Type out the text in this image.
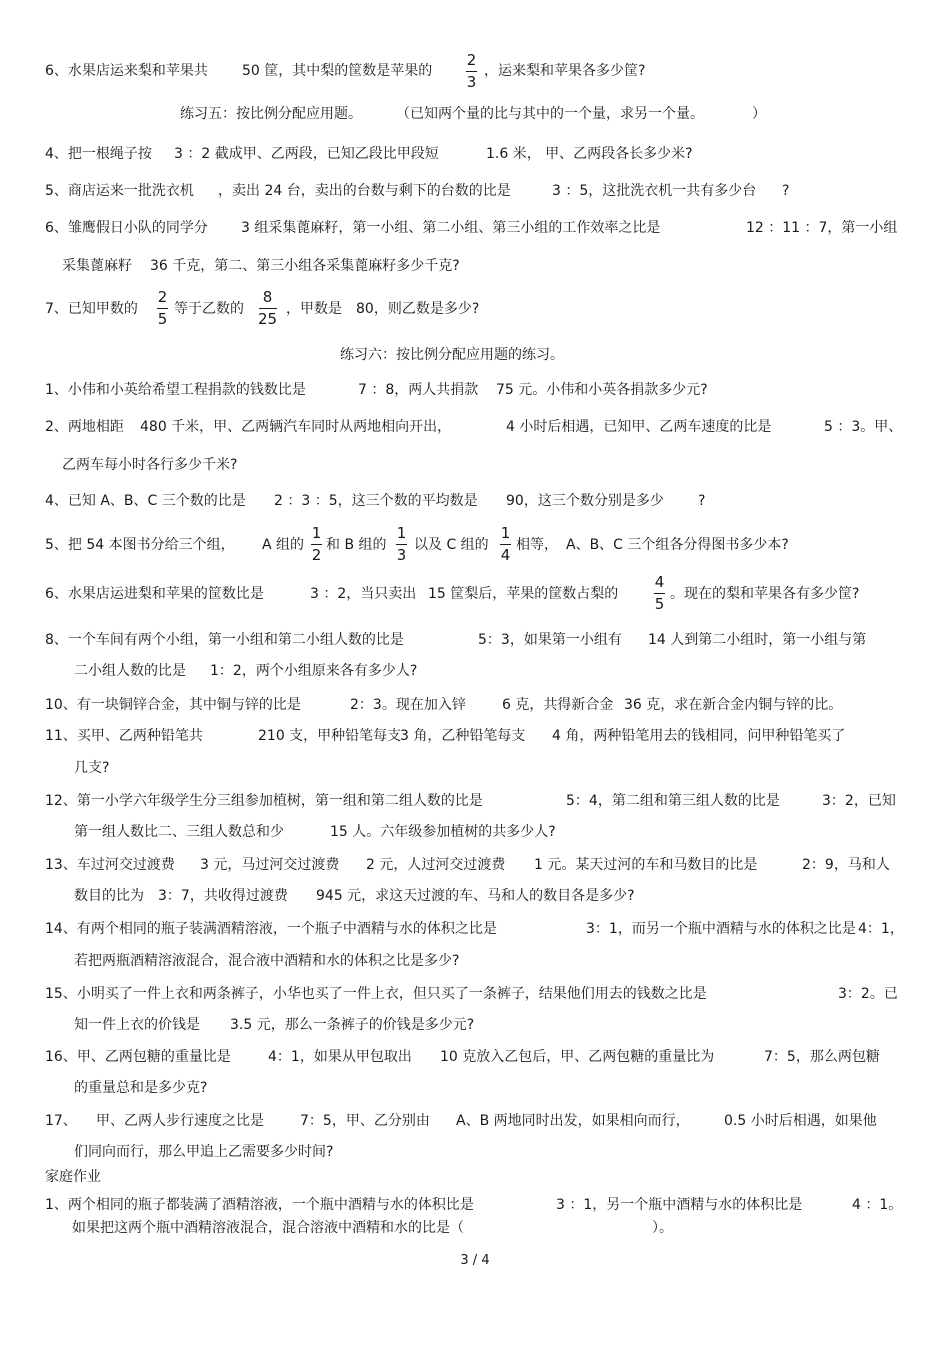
6、水果店运来梨和苹果共 50 筐，其中梨的筐数是苹果的	，运来梨和苹果各多少筐?
2
3
练习五：按比例分配应用题。 （已知两个量的比与其中的一个量，求另一个量。	）
4、把一根绳子按 3 ：2 截成甲、乙两段，已知乙段比甲段短	1.6 米， 甲、乙两段各长多少米?
5、商店运来一批洗衣机 ，卖出 24 台，卖出的台数与剩下的台数的比是	3 ：5，这批洗衣机一共有多少台 ?
6、雏鹰假日小队的同学分 3 组采集蓖麻籽，第一小组、第二小组、第三小组的工作效率之比是	12 ：11 ：7，第一小组
采集蓖麻籽 36 千克，第二、第三小组各采集蓖麻籽多少千克?
7、已知甲数的	等于乙数的	，甲数是 80，则乙数是多少?
2
5
8
25
练习六：按比例分配应用题的练习。
1、小伟和小英给希望工程捐款的钱数比是	7 ：8，两人共捐款 75 元。小伟和小英各捐款多少元?
2、两地相距 480 千米，甲、乙两辆汽车同时从两地相向开出，	4 小时后相遇，已知甲、乙两车速度的比是	5 ：3。甲、
乙两车每小时各行多少千米?
4、已知 A、B、C 三个数的比是 2 ：3 ：5，这三个数的平均数是 90，这三个数分别是多少 ?
5、把 54 本图书分给三个组， A 组的 和 B 组的 以及 C 组的 相等， A、B、C 三个组各分得图书多少本?
1
2
1
3
1
4
6、水果店运进梨和苹果的筐数比是	3 ：2，当只卖出 15 筐梨后，苹果的筐数占梨的	。现在的梨和苹果各有多少筐?
4
5
8、一个车间有两个小组，第一小组和第二小组人数的比是	5：3，如果第一小组有 14 人到第二小组时，第一小组与第
二小组人数的比是 1：2，两个小组原来各有多少人?
10、有一块铜锌合金，其中铜与锌的比是	2：3。现在加入锌	6 克，共得新合金 36 克，求在新合金内铜与锌的比。
11、买甲、乙两种铅笔共	210 支，甲种铅笔每支
3 角，乙种铅笔每支 4 角，两种铅笔用去的钱相同，问甲种铅笔买了
几支?
12、第一小学六年级学生分三组参加植树，第一组和第二组人数的比是	5：4，第二组和第三组人数的比是	3：2，已知
第一组人数比二、三组人数总和少	15 人。六年级参加植树的共多少人?
13、车过河交过渡费 3 元，马过河交过渡费 2 元，人过河交过渡费 1 元。某天过河的车和马数目的比是	2：9，马和人
数目的比为 3：7，共收得过渡费 945 元，求这天过渡的车、马和人的数目各是多少?
14、有两个相同的瓶子装满酒精溶液，一个瓶子中酒精与水的体积之比是	3：1，而另一个瓶中酒精与水的体积之比是 4：1，
若把两瓶酒精溶液混合，混合液中酒精和水的体积之比是多少?
15、小明买了一件上衣和两条裤子，小华也买了一件上衣，但只买了一条裤子，结果他们用去的钱数之比是	3：2。已
知一件上衣的价钱是 3.5 元，那么一条裤子的价钱是多少元?
16、甲、乙两包糖的重量比是	4：1，如果从甲包取出 10 克放入乙包后，甲、乙两包糖的重量比为	7：5，那么两包糖
的重量总和是多少克?
17、 甲、乙两人步行速度之比是	7：5，甲、乙分别由 A、B 两地同时出发，如果相向而行， 0.5 小时后相遇，如果他
们同向而行，那么甲追上乙需要多少时间?
家庭作业
1、两个相同的瓶子都装满了酒精溶液，一个瓶中酒精与水的体积比是	3 ：1，另一个瓶中酒精与水的体积比是	4 ：1。
如果把这两个瓶中酒精溶液混合，混合溶液中酒精和水的比是（	）。
3 / 4
